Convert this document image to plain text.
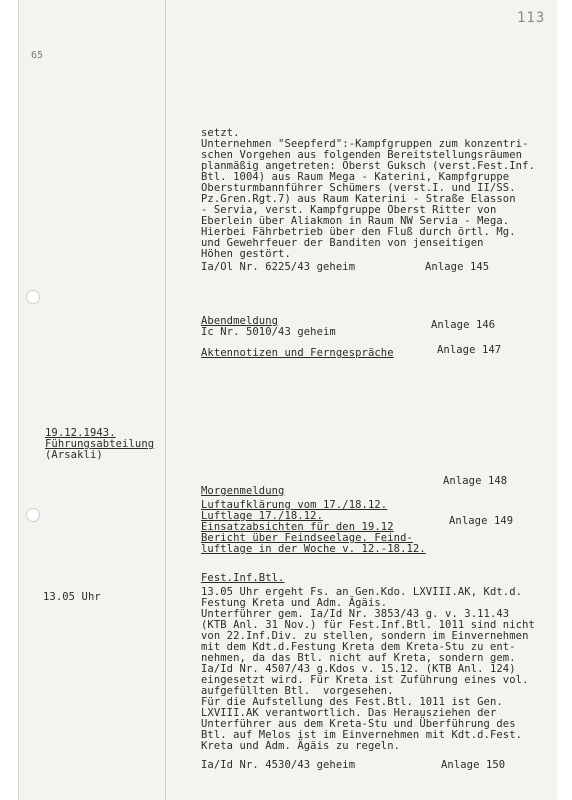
65
113
setzt.
Unternehmen "Seepferd":-Kampfgruppen zum konzentri-
schen Vorgehen aus folgenden Bereitstellungsräumen
planmäßig angetreten: Oberst Guksch (verst.Fest.Inf.
Btl. 1004) aus Raum Mega - Katerini, Kampfgruppe
Obersturmbannführer Schümers (verst.I. und II/SS.
Pz.Gren.Rgt.7) aus Raum Katerini - Straße Elasson
- Servia, verst. Kampfgruppe Oberst Ritter von
Eberlein über Aliakmon in Raum NW Servia - Mega.
Hierbei Fährbetrieb über den Fluß durch örtl. Mg.
und Gewehrfeuer der Banditen von jenseitigen
Höhen gestört.
Ia/Ol Nr. 6225/43 geheim	Anlage 145
Abendmeldung
Ic Nr. 5010/43 geheim
Anlage 146
Aktennotizen und Ferngespräche	Anlage 147
19.12.1943.
Führungsabteilung
(Arsakli)
Morgenmeldung
Anlage 148
Luftaufklärung vom 17./18.12.
Luftlage 17./18.12.
Einsatzabsichten für den 19.12
Bericht über Feindseelage. Feind-
luftlage in der Woche v. 12.-18.12.
Anlage 149
Fest.Inf.Btl.
13.05 Uhr	13.05 Uhr ergeht Fs. an Gen.Kdo. LXVIII.AK, Kdt.d.
Festung Kreta und Adm. Ägäis.
Unterführer gem. Ia/Id Nr. 3853/43 g. v. 3.11.43
(KTB Anl. 31 Nov.) für Fest.Inf.Btl. 1011 sind nicht
von 22.Inf.Div. zu stellen, sondern im Einvernehmen
mit dem Kdt.d.Festung Kreta dem Kreta-Stu zu ent-
nehmen, da das Btl. nicht auf Kreta, sondern gem.
Ia/Id Nr. 4507/43 g.Kdos v. 15.12. (KTB Anl. 124)
eingesetzt wird. Für Kreta ist Zuführung eines vol.
aufgefüllten Btl.  vorgesehen.
Für die Aufstellung des Fest.Btl. 1011 ist Gen.
LXVIII.AK verantwortlich. Das Herausziehen der
Unterführer aus dem Kreta-Stu und Überführung des
Btl. auf Melos ist im Einvernehmen mit Kdt.d.Fest.
Kreta und Adm. Ägäis zu regeln.
Ia/Id Nr. 4530/43 geheim	Anlage 150
